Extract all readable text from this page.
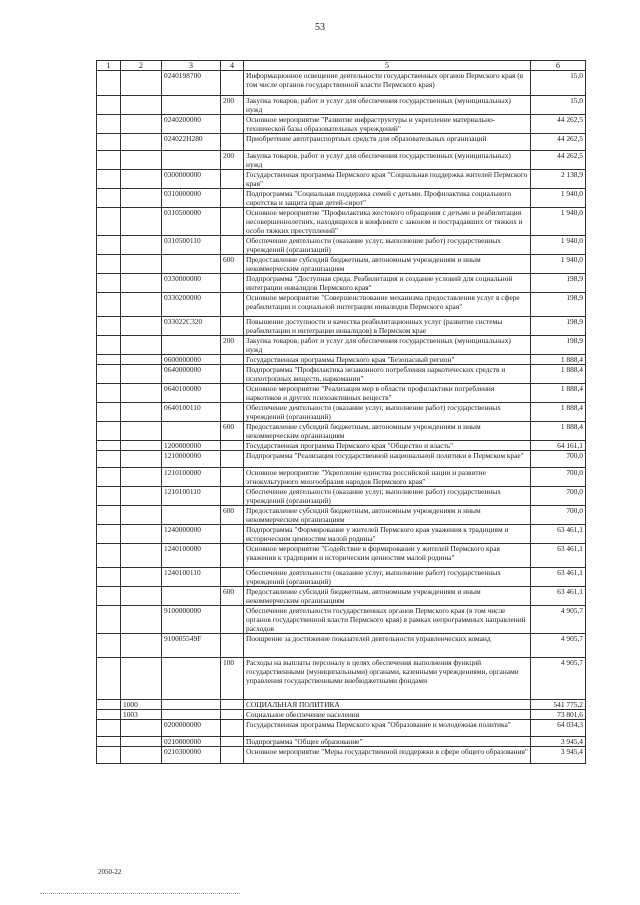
53
1	2	3	4	5	6
		0240198700		Информационное освещение деятельности государственных органов Пермского края (в том числе органов государственной власти Пермского края)	15,0
			200	Закупка товаров, работ и услуг для обеспечения государственных (муниципальных) нужд	15,0
		0240200000		Основное мероприятие "Развитие инфраструктуры и укрепление материально-технической базы образовательных учреждений"	44 262,5
		024022Н280		Приобретение автотранспортных средств для образовательных организаций	44 262,5
			200	Закупка товаров, работ и услуг для обеспечения государственных (муниципальных) нужд	44 262,5
		0300000000		Государственная программа Пермского края "Социальная поддержка жителей Пермского края"	2 138,9
		0310000000		Подпрограмма "Социальная поддержка семей с детьми. Профилактика социального сиротства и защита прав детей-сирот"	1 940,0
		0310500000		Основное мероприятие "Профилактика жестокого обращения с детьми и реабилитация несовершеннолетних, находящихся в конфликте с законом и пострадавших от тяжких и особо тяжких преступлений"	1 940,0
		0310500110		Обеспечение деятельности (оказание услуг, выполнение работ) государственных учреждений (организаций)	1 940,0
			600	Предоставление субсидий бюджетным, автономным учреждениям и иным некоммерческим организациям	1 940,0
		0330000000		Подпрограмма "Доступная среда. Реабилитация и создание условий для социальной интеграции инвалидов Пермского края"	198,9
		0330200000		Основное мероприятие "Совершенствование механизма предоставления услуг в сфере реабилитации и социальной интеграции инвалидов Пермского края"	198,9
		033022С320		Повышение доступности и качества реабилитационных услуг (развитие системы реабилитации и интеграции инвалидов) в Пермском крае	198,9
			200	Закупка товаров, работ и услуг для обеспечения государственных (муниципальных) нужд	198,9
		0600000000		Государственная программа Пермского края "Безопасный регион"	1 888,4
		0640000000		Подпрограмма "Профилактика незаконного потребления наркотических средств и психотропных веществ, наркомании"	1 888,4
		0640100000		Основное мероприятие "Реализация мер в области профилактики потребления наркотиков и других психоактивных веществ"	1 888,4
		0640100110		Обеспечение деятельности (оказание услуг, выполнение работ) государственных учреждений (организаций)	1 888,4
			600	Предоставление субсидий бюджетным, автономным учреждениям и иным некоммерческим организациям	1 888,4
		1200000000		Государственная программа Пермского края "Общество и власть"	64 161,1
		1210000000		Подпрограмма "Реализация государственной национальной политики в Пермском крае"	700,0
		1210100000		Основное мероприятие "Укрепление единства российской нации и развитие этнокультурного многообразия народов Пермского края"	700,0
		1210100110		Обеспечение деятельности (оказание услуг, выполнение работ) государственных учреждений (организаций)	700,0
			600	Предоставление субсидий бюджетным, автономным учреждениям и иным некоммерческим организациям	700,0
		1240000000		Подпрограмма "Формирование у жителей Пермского края уважения к традициям и историческим ценностям малой родины"	63 461,1
		1240100000		Основное мероприятие "Содействие в формировании у жителей Пермского края уважения к традициям и историческим ценностям малой родины"	63 461,1
		1240100110		Обеспечение деятельности (оказание услуг, выполнение работ) государственных учреждений (организаций)	63 461,1
			600	Предоставление субсидий бюджетным, автономным учреждениям и иным некоммерческим организациям	63 461,1
		9100000000		Обеспечение деятельности государственных органов Пермского края (в том числе органов государственной власти Пермского края) в рамках непрограммных направлений расходов	4 905,7
		910005549F		Поощрение за достижение показателей деятельности управленческих команд	4 905,7
			100	Расходы на выплаты персоналу в целях обеспечения выполнения функций государственными (муниципальными) органами, казенными учреждениями, органами управления государственными внебюджетными фондами	4 905,7
	1000			СОЦИАЛЬНАЯ ПОЛИТИКА	541 775,2
	1003			Социальное обеспечение населения	73 801,6
		0200000000		Государственная программа Пермского края "Образование и молодежная политика"	64 034,3
		0210000000		Подпрограмма "Общее образование"	3 945,4
		0210300000		Основное мероприятие "Меры государственной поддержки в сфере общего образования"	3 945,4
2050-22
